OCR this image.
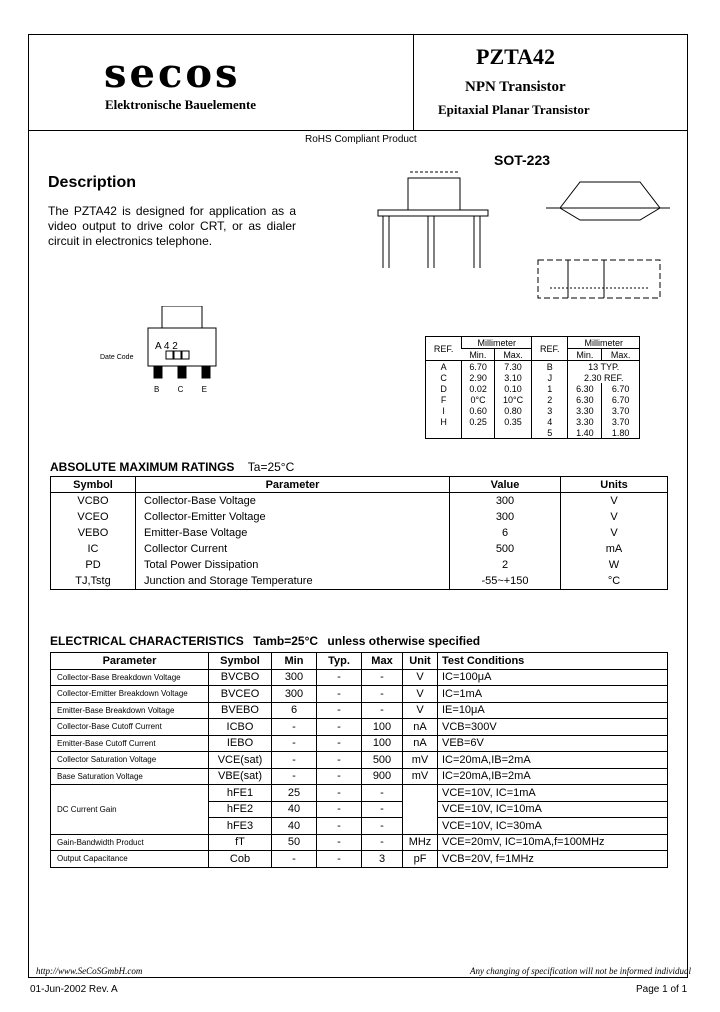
secos
Elektronische Bauelemente
PZTA42
NPN Transistor
Epitaxial Planar Transistor
RoHS Compliant Product
SOT-223
Description
The PZTA42 is designed for application as a video output to drive color CRT, or as dialer circuit in electronics telephone.
A 4 2
Date Code
B C E
REF.	Millimeter		REF.	Millimeter	
	Min.	Max.		Min.	Max.
A	6.70	7.30	B	13 TYP.	
C	2.90	3.10	J	2.30 REF.	
D	0.02	0.10	1	6.30	6.70
F	0°C	10°C	2	6.30	6.70
I	0.60	0.80	3	3.30	3.70
H	0.25	0.35	4	3.30	3.70
			5	1.40	1.80
ABSOLUTE MAXIMUM RATINGS Ta=25°C
Symbol	Parameter	Value	Units
VCBO	Collector-Base Voltage	300	V
VCEO	Collector-Emitter Voltage	300	V
VEBO	Emitter-Base Voltage	6	V
IC	Collector Current	500	mA
PD	Total Power Dissipation	2	W
TJ,Tstg	Junction and Storage Temperature	-55~+150	°C
ELECTRICAL CHARACTERISTICS Tamb=25°C unless otherwise specified
Parameter	Symbol	Min	Typ.	Max	Unit	Test Conditions
Collector-Base Breakdown Voltage	BVCBO	300	-	-	V	IC=100μA
Collector-Emitter Breakdown Voltage	BVCEO	300	-	-	V	IC=1mA
Emitter-Base Breakdown Voltage	BVEBO	6	-	-	V	IE=10μA
Collector-Base Cutoff Current	ICBO	-	-	100	nA	VCB=300V
Emitter-Base Cutoff Current	IEBO	-	-	100	nA	VEB=6V
Collector Saturation Voltage	VCE(sat)	-	-	500	mV	IC=20mA,IB=2mA
Base Saturation Voltage	VBE(sat)	-	-	900	mV	IC=20mA,IB=2mA
DC Current Gain	hFE1	25	-	-		VCE=10V, IC=1mA
	hFE2	40	-	-		VCE=10V, IC=10mA
	hFE3	40	-	-		VCE=10V, IC=30mA
Gain-Bandwidth Product	fT	50	-	-	MHz	VCE=20mV, IC=10mA,f=100MHz
Output Capacitance	Cob	-	-	3	pF	VCB=20V, f=1MHz
http://www.SeCoSGmbH.com	Any changing of specification will not be informed individual
01-Jun-2002 Rev. A	Page 1 of 1
